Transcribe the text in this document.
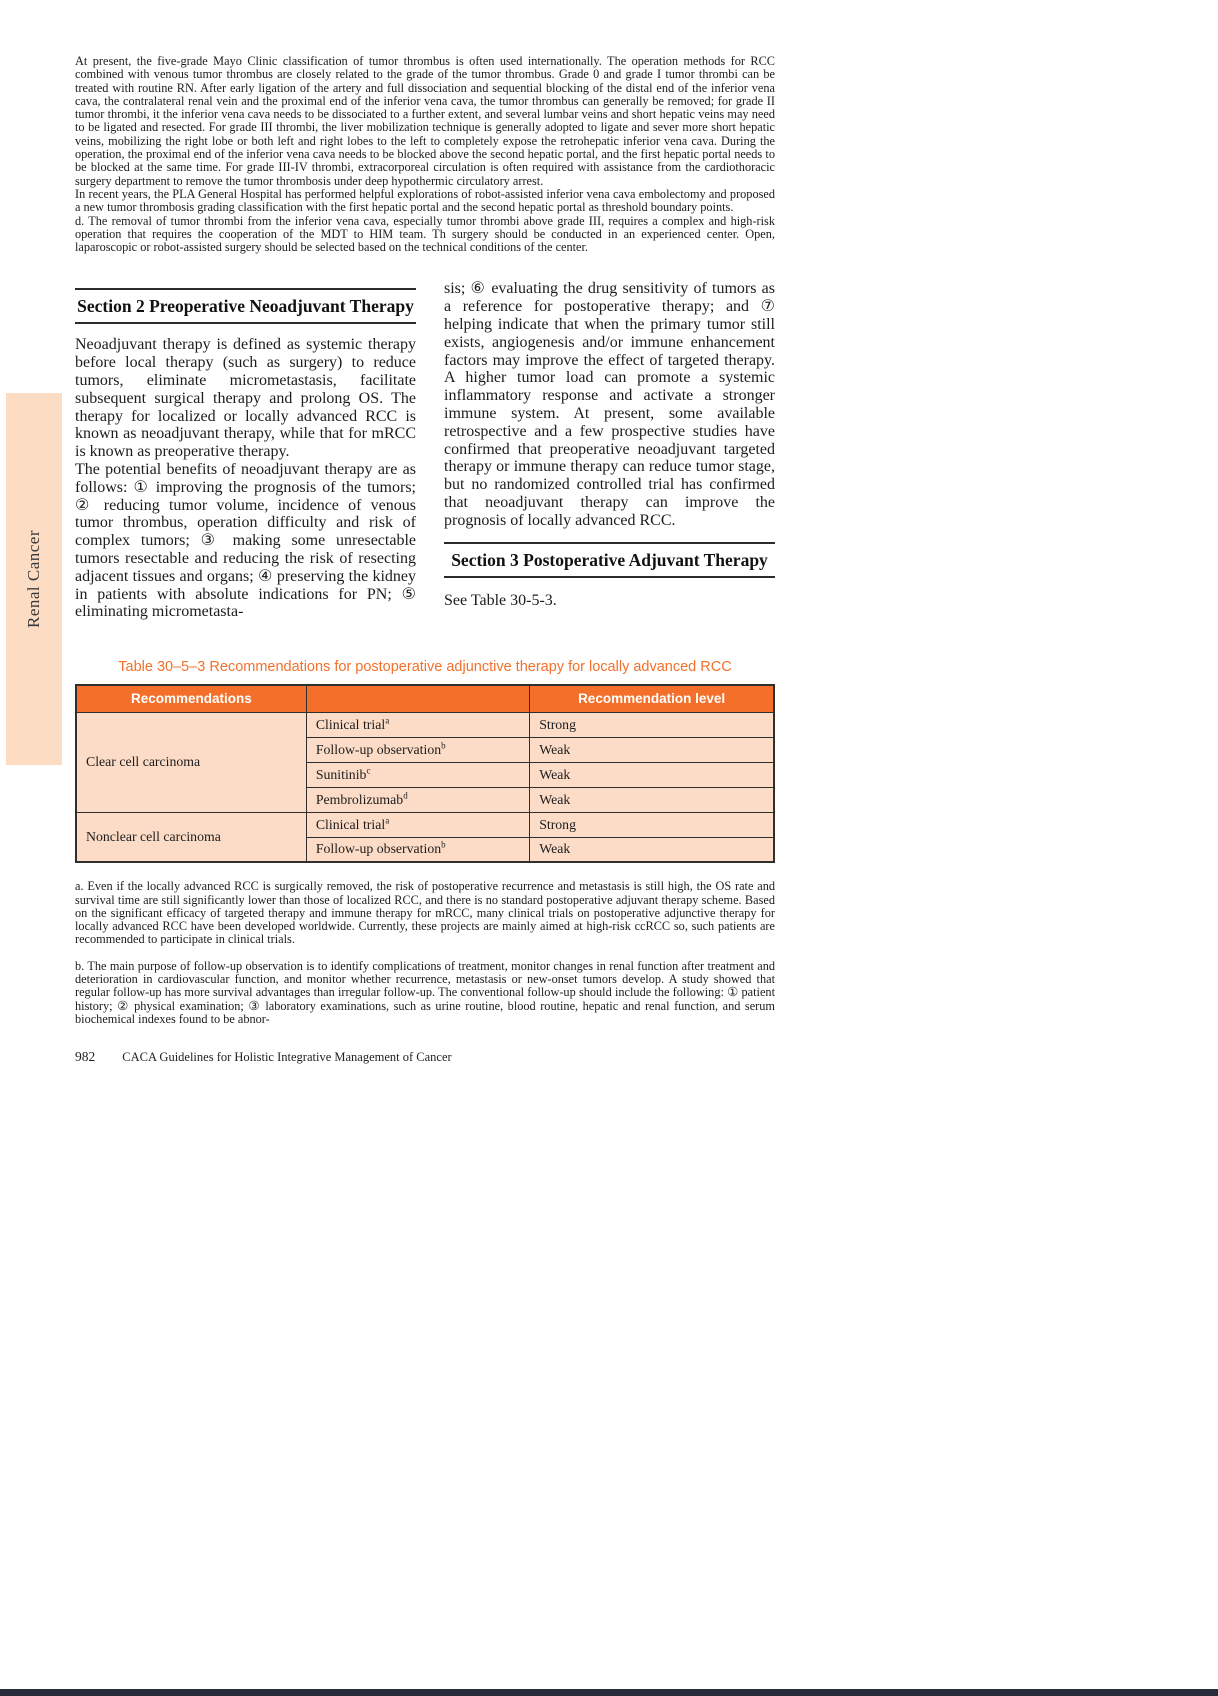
Renal Cancer

At present, the five-grade Mayo Clinic classification of tumor thrombus is often used internationally. The operation methods for RCC combined with venous tumor thrombus are closely related to the grade of the tumor thrombus. Grade 0 and grade I tumor thrombi can be treated with routine RN. After early ligation of the artery and full dissociation and sequential blocking of the distal end of the inferior vena cava, the contralateral renal vein and the proximal end of the inferior vena cava, the tumor thrombus can generally be removed; for grade II tumor thrombi, it the inferior vena cava needs to be dissociated to a further extent, and several lumbar veins and short hepatic veins may need to be ligated and resected. For grade III thrombi, the liver mobilization technique is generally adopted to ligate and sever more short hepatic veins, mobilizing the right lobe or both left and right lobes to the left to completely expose the retrohepatic inferior vena cava. During the operation, the proximal end of the inferior vena cava needs to be blocked above the second hepatic portal, and the first hepatic portal needs to be blocked at the same time. For grade III-IV thrombi, extracorporeal circulation is often required with assistance from the cardiothoracic surgery department to remove the tumor thrombosis under deep hypothermic circulatory arrest.

In recent years, the PLA General Hospital has performed helpful explorations of robot-assisted inferior vena cava embolectomy and proposed a new tumor thrombosis grading classification with the first hepatic portal and the second hepatic portal as threshold boundary points.

d. The removal of tumor thrombi from the inferior vena cava, especially tumor thrombi above grade III, requires a complex and high-risk operation that requires the cooperation of the MDT to HIM team. Th surgery should be conducted in an experienced center. Open, laparoscopic or robot-assisted surgery should be selected based on the technical conditions of the center.

Section 2 Preoperative Neoadjuvant Therapy

Neoadjuvant therapy is defined as systemic therapy before local therapy (such as surgery) to reduce tumors, eliminate micrometastasis, facilitate subsequent surgical therapy and prolong OS. The therapy for localized or locally advanced RCC is known as neoadjuvant therapy, while that for mRCC is known as preoperative therapy.

The potential benefits of neoadjuvant therapy are as follows: ① improving the prognosis of the tumors; ② reducing tumor volume, incidence of venous tumor thrombus, operation difficulty and risk of complex tumors; ③ making some unresectable tumors resectable and reducing the risk of resecting adjacent tissues and organs; ④ preserving the kidney in patients with absolute indications for PN; ⑤ eliminating micrometasta-

sis; ⑥ evaluating the drug sensitivity of tumors as a reference for postoperative therapy; and ⑦ helping indicate that when the primary tumor still exists, angiogenesis and/or immune enhancement factors may improve the effect of targeted therapy. A higher tumor load can promote a systemic inflammatory response and activate a stronger immune system. At present, some available retrospective and a few prospective studies have confirmed that preoperative neoadjuvant targeted therapy or immune therapy can reduce tumor stage, but no randomized controlled trial has confirmed that neoadjuvant therapy can improve the prognosis of locally advanced RCC.

Section 3 Postoperative Adjuvant Therapy

See Table 30-5-3.

Table 30–5–3 Recommendations for postoperative adjunctive therapy for locally advanced RCC
Recommendations		Recommendation level
Clear cell carcinoma	Clinical trial$^a$	Strong
	Follow-up observation$^b$	Weak
	Sunitinib$^c$	Weak
	Pembrolizumab$^d$	Weak
Nonclear cell carcinoma	Clinical trial$^a$	Strong
	Follow-up observation$^b$	Weak

a. Even if the locally advanced RCC is surgically removed, the risk of postoperative recurrence and metastasis is still high, the OS rate and survival time are still significantly lower than those of localized RCC, and there is no standard postoperative adjuvant therapy scheme. Based on the significant efficacy of targeted therapy and immune therapy for mRCC, many clinical trials on postoperative adjunctive therapy for locally advanced RCC have been developed worldwide. Currently, these projects are mainly aimed at high-risk ccRCC so, such patients are recommended to participate in clinical trials.

b. The main purpose of follow-up observation is to identify complications of treatment, monitor changes in renal function after treatment and deterioration in cardiovascular function, and monitor whether recurrence, metastasis or new-onset tumors develop. A study showed that regular follow-up has more survival advantages than irregular follow-up. The conventional follow-up should include the following: ① patient history; ② physical examination; ③ laboratory examinations, such as urine routine, blood routine, hepatic and renal function, and serum biochemical indexes found to be abnor-

982 CACA Guidelines for Holistic Integrative Management of Cancer
